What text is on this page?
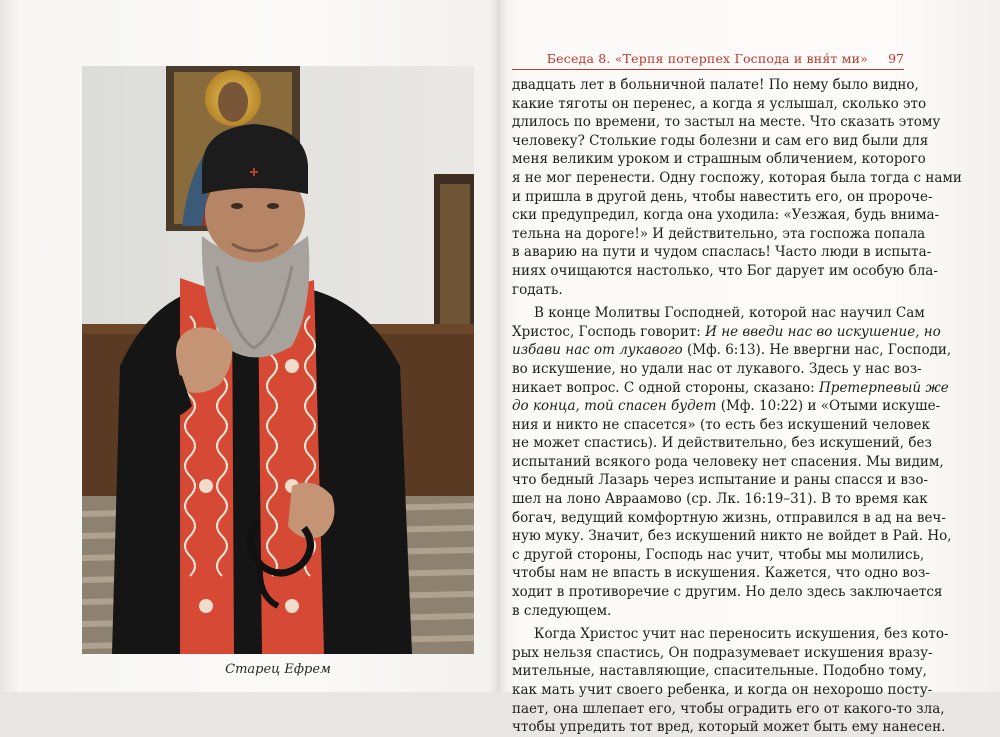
Старец Ефрем
Беседа 8. «Терпя потерпех Господа и вня́т ми» 97
двадцать лет в больничной палате! По нему было видно,
какие тяготы он перенес, а когда я услышал, сколько это
длилось по времени, то застыл на месте. Что сказать этому
человеку? Столькие годы болезни и сам его вид были для
меня великим уроком и страшным обличением, которого
я не мог перенести. Одну госпожу, которая была тогда с нами
и пришла в другой день, чтобы навестить его, он пророче-
ски предупредил, когда она уходила: «Уезжая, будь внима-
тельна на дороге!» И действительно, эта госпожа попала
в аварию на пути и чудом спаслась! Часто люди в испыта-
ниях очищаются настолько, что Бог дарует им особую бла-
годать.
В конце Молитвы Господней, которой нас научил Сам
Христос, Господь говорит: И не введи нас во искушение, но
избави нас от лукавого (Мф. 6:13). Не ввергни нас, Господи,
во искушение, но удали нас от лукавого. Здесь у нас воз-
никает вопрос. С одной стороны, сказано: Претерпевый же
до конца, той спасен будет (Мф. 10:22) и «Отыми искуше-
ния и никто не спасется» (то есть без искушений человек
не может спастись). И действительно, без искушений, без
испытаний всякого рода человеку нет спасения. Мы видим,
что бедный Лазарь через испытание и раны спасся и взо-
шел на лоно Авраамово (ср. Лк. 16:19–31). В то время как
богач, ведущий комфортную жизнь, отправился в ад на веч-
ную муку. Значит, без искушений никто не войдет в Рай. Но,
с другой стороны, Господь нас учит, чтобы мы молились,
чтобы нам не впасть в искушения. Кажется, что одно воз-
ходит в противоречие с другим. Но дело здесь заключается
в следующем.
Когда Христос учит нас переносить искушения, без кото-
рых нельзя спастись, Он подразумевает искушения вразу-
мительные, наставляющие, спасительные. Подобно тому,
как мать учит своего ребенка, и когда он нехорошо посту-
пает, она шлепает его, чтобы оградить его от какого-то зла,
чтобы упредить тот вред, который может быть ему нанесен.
